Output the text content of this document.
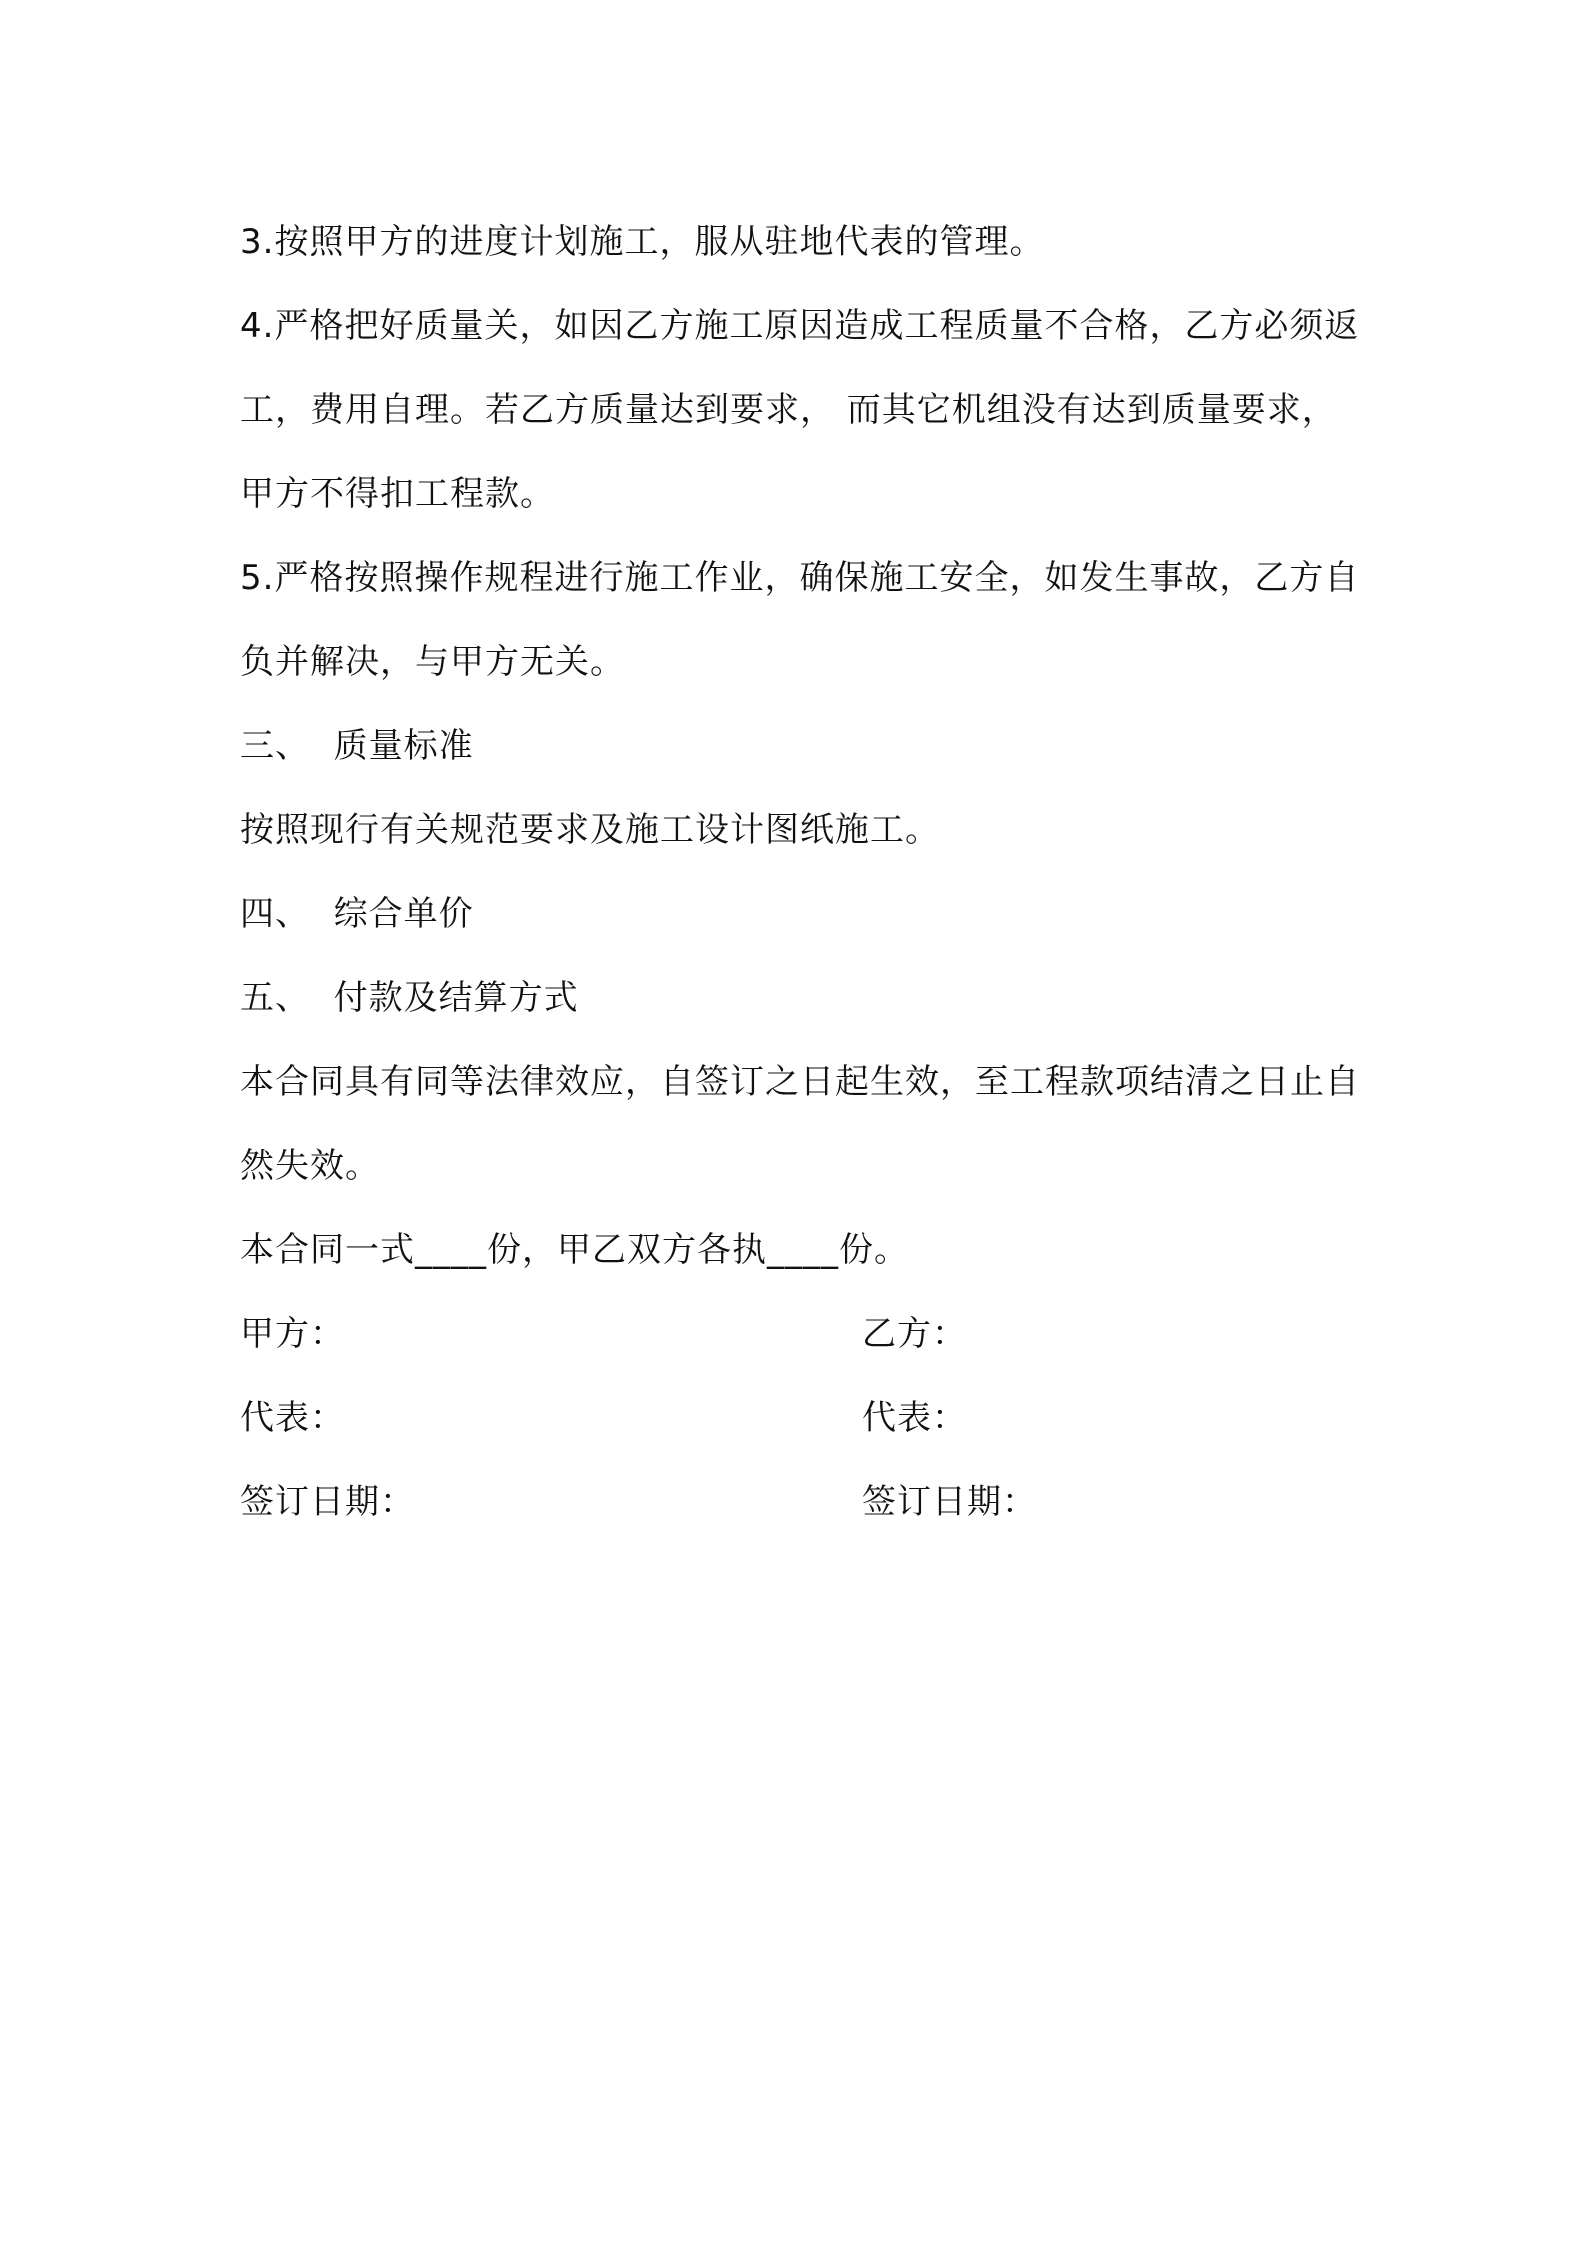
3.按照甲方的进度计划施工，服从驻地代表的管理。

4.严格把好质量关，如因乙方施工原因造成工程质量不合格，乙方必须返工，费用自理。若乙方质量达到要求， 而其它机组没有达到质量要求，甲方不得扣工程款。

5.严格按照操作规程进行施工作业，确保施工安全，如发生事故，乙方自负并解决，与甲方无关。

三、  质量标准

按照现行有关规范要求及施工设计图纸施工。

四、  综合单价

五、  付款及结算方式

本合同具有同等法律效应，自签订之日起生效，至工程款项结清之日止自然失效。

本合同一式____份，甲乙双方各执____份。

甲方：	乙方：
代表：	代表：
签订日期：	签订日期：
